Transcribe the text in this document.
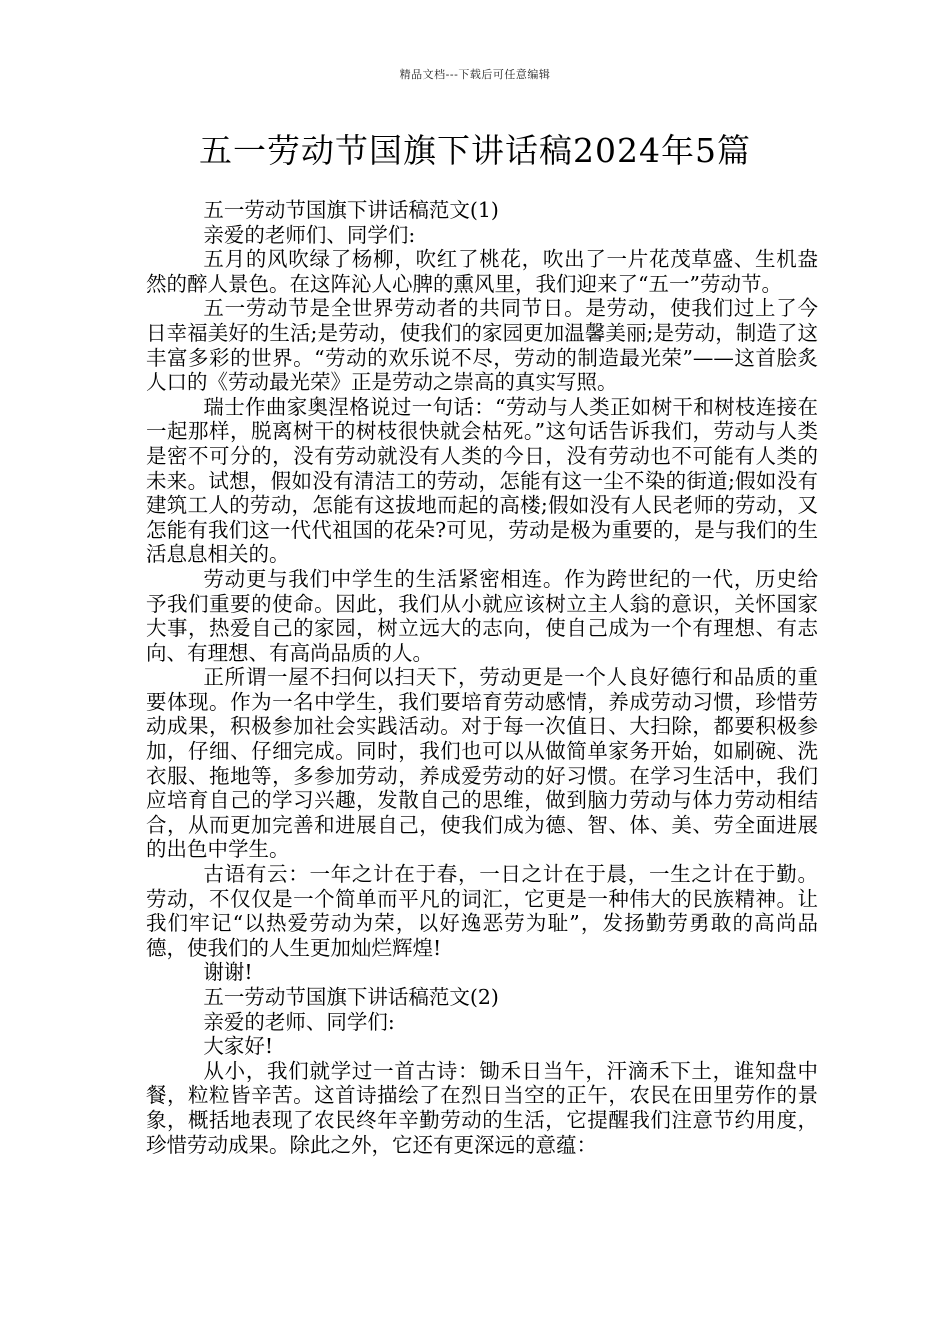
精品文档---下载后可任意编辑
五一劳动节国旗下讲话稿2024年5篇

五一劳动节国旗下讲话稿范文(1)

亲爱的老师们、同学们:

五月的风吹绿了杨柳，吹红了桃花，吹出了一片花茂草盛、生机盎然的醉人景色。在这阵沁人心脾的熏风里，我们迎来了“五一”劳动节。

五一劳动节是全世界劳动者的共同节日。是劳动，使我们过上了今日幸福美好的生活;是劳动，使我们的家园更加温馨美丽;是劳动，制造了这丰富多彩的世界。“劳动的欢乐说不尽，劳动的制造最光荣”——这首脍炙人口的《劳动最光荣》正是劳动之崇高的真实写照。

瑞士作曲家奥涅格说过一句话：“劳动与人类正如树干和树枝连接在一起那样，脱离树干的树枝很快就会枯死。”这句话告诉我们，劳动与人类是密不可分的，没有劳动就没有人类的今日，没有劳动也不可能有人类的未来。试想，假如没有清洁工的劳动，怎能有这一尘不染的街道;假如没有建筑工人的劳动，怎能有这拔地而起的高楼;假如没有人民老师的劳动，又怎能有我们这一代代祖国的花朵?可见，劳动是极为重要的，是与我们的生活息息相关的。

劳动更与我们中学生的生活紧密相连。作为跨世纪的一代，历史给予我们重要的使命。因此，我们从小就应该树立主人翁的意识，关怀国家大事，热爱自己的家园，树立远大的志向，使自己成为一个有理想、有志向、有理想、有高尚品质的人。

正所谓一屋不扫何以扫天下，劳动更是一个人良好德行和品质的重要体现。作为一名中学生，我们要培育劳动感情，养成劳动习惯，珍惜劳动成果，积极参加社会实践活动。对于每一次值日、大扫除，都要积极参加，仔细、仔细完成。同时，我们也可以从做简单家务开始，如刷碗、洗衣服、拖地等，多参加劳动，养成爱劳动的好习惯。在学习生活中，我们应培育自己的学习兴趣，发散自己的思维，做到脑力劳动与体力劳动相结合，从而更加完善和进展自己，使我们成为德、智、体、美、劳全面进展的出色中学生。

古语有云：一年之计在于春，一日之计在于晨，一生之计在于勤。劳动，不仅仅是一个简单而平凡的词汇，它更是一种伟大的民族精神。让我们牢记“以热爱劳动为荣，以好逸恶劳为耻”，发扬勤劳勇敢的高尚品德，使我们的人生更加灿烂辉煌!

谢谢!

五一劳动节国旗下讲话稿范文(2)

亲爱的老师、同学们:

大家好!

从小，我们就学过一首古诗：锄禾日当午，汗滴禾下土，谁知盘中餐，粒粒皆辛苦。这首诗描绘了在烈日当空的正午，农民在田里劳作的景象，概括地表现了农民终年辛勤劳动的生活，它提醒我们注意节约用度，珍惜劳动成果。除此之外，它还有更深远的意蕴：
